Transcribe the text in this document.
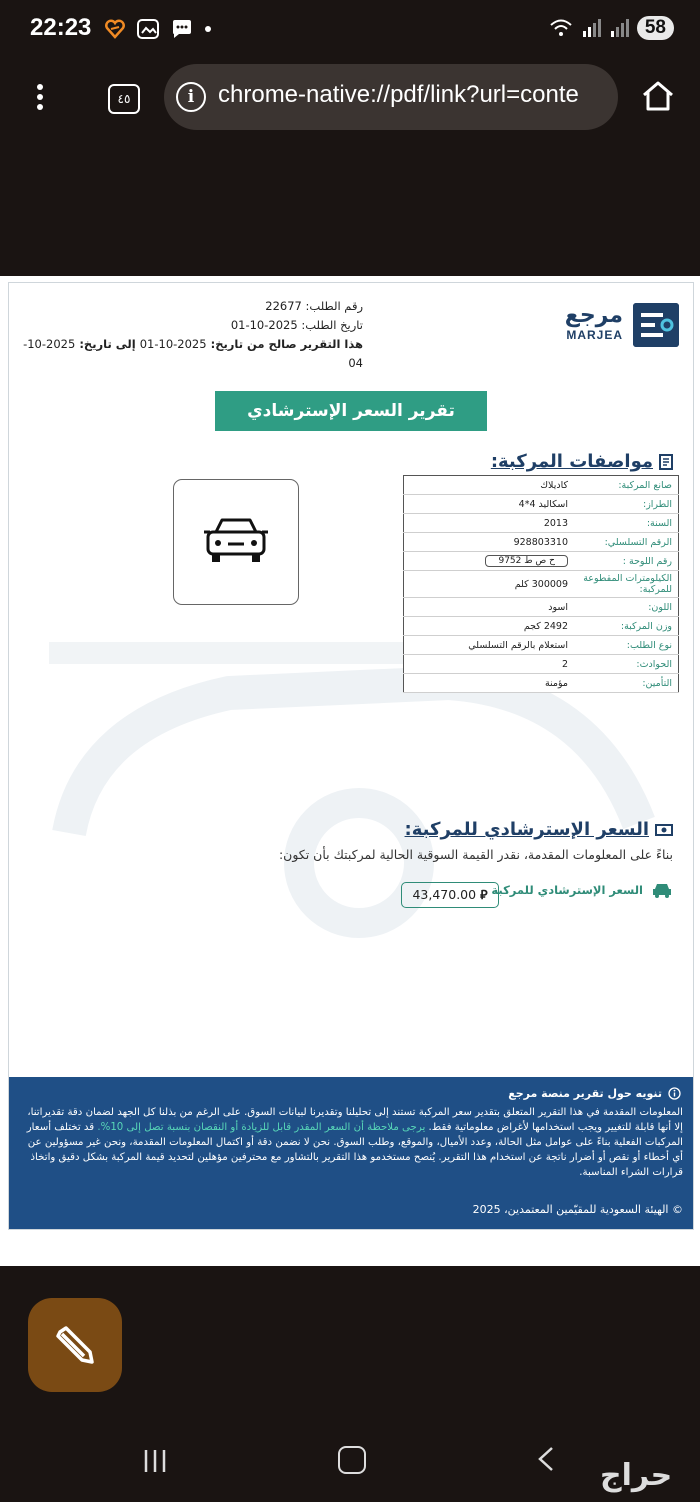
22:23	58
٤٥	i chrome-native://pdf/link?url=conte
رقم الطلب: 22677
تاريخ الطلب: 2025-10-01
هذا التقرير صالح من تاريخ: 2025-10-01 إلى تاريخ: 2025-10-04
مرجع
MARJEA
تقرير السعر الإسترشادي للمركبة	مواصفات المركبة:
صانع المركبة:	كاديلاك
الطراز:	اسكاليد 4*4
السنة:	2013
الرقم التسلسلي:	928803310
رقم اللوحة :	ح ص ط 9752
الكيلومترات المقطوعة للمركبة:	300009 كلم
اللون:	اسود
وزن المركبة:	2492 كجم
نوع الطلب:	استعلام بالرقم التسلسلي
الحوادث:	2
التأمين:	مؤمنة
السعر الإسترشادي للمركبة:
بناءً على المعلومات المقدمة، نقدر القيمة السوقية الحالية لمركبتك بأن تكون:
السعر الإسترشادي للمركبة
43,470.00 ⃁
تنويه حول تقرير منصة مرجع
المعلومات المقدمة في هذا التقرير المتعلق بتقدير سعر المركبة تستند إلى تحليلنا وتقديرنا لبيانات السوق. على الرغم من بذلنا كل الجهد لضمان دقة تقديراتنا، إلا أنها قابلة للتغيير ويجب استخدامها لأغراض معلوماتية فقط. يرجى ملاحظة أن السعر المقدر قابل للزيادة أو النقصان بنسبة تصل إلى 10%. قد تختلف أسعار المركبات الفعلية بناءً على عوامل مثل الحالة، وعدد الأميال، والموقع، وطلب السوق. نحن لا نضمن دقة أو اكتمال المعلومات المقدمة، ونحن غير مسؤولين عن أي أخطاء أو نقص أو أضرار ناتجة عن استخدام هذا التقرير. يُنصح مستخدمو هذا التقرير بالتشاور مع محترفين مؤهلين لتحديد قيمة المركبة بشكل دقيق واتخاذ قرارات الشراء المناسبة.
© الهيئة السعودية للمقيّمين المعتمدين، 2025
حراج
